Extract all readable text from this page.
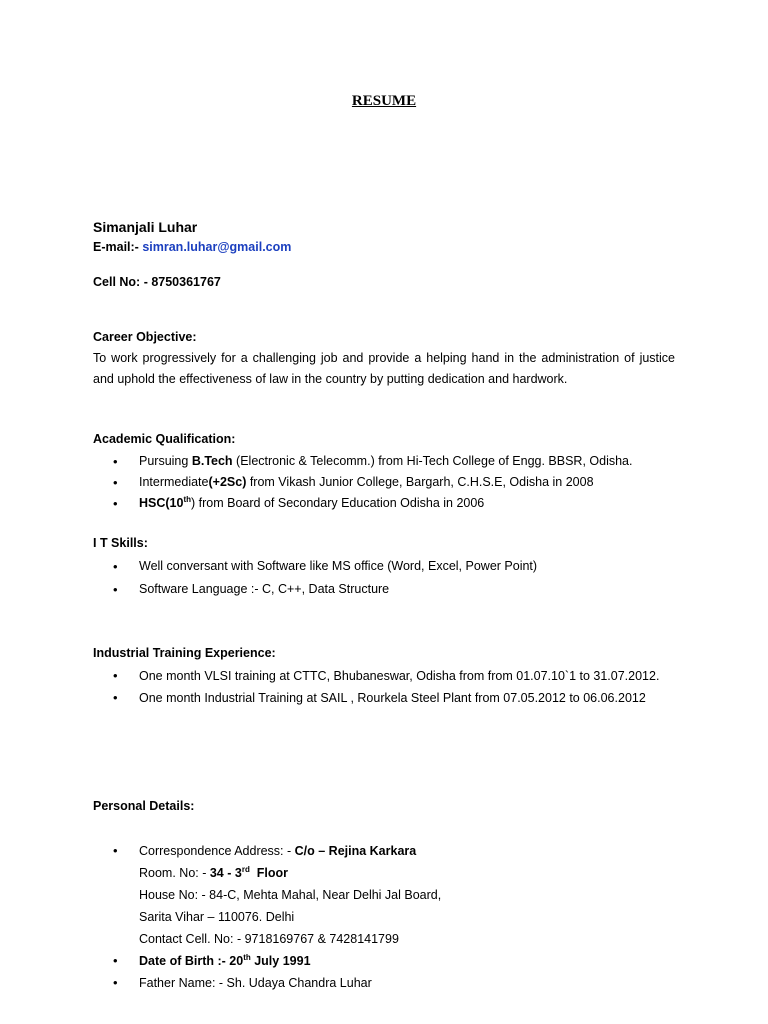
RESUME
Simanjali Luhar
E-mail:- simran.luhar@gmail.com
Cell No: - 8750361767
Career Objective:
To work progressively for a challenging job and provide a helping hand in the administration of justice and uphold the effectiveness of law in the country by putting dedication and hardwork.
Academic Qualification:
• Pursuing B.Tech (Electronic & Telecomm.) from Hi-Tech College of Engg. BBSR, Odisha.
• Intermediate(+2Sc) from Vikash Junior College, Bargarh, C.H.S.E, Odisha in 2008
• HSC(10th) from Board of Secondary Education Odisha in 2006
I T Skills:
• Well conversant with Software like MS office (Word, Excel, Power Point)
• Software Language :- C, C++, Data Structure
Industrial Training Experience:
• One month VLSI training at CTTC, Bhubaneswar, Odisha from from 01.07.10`1 to 31.07.2012.
• One month Industrial Training at SAIL , Rourkela Steel Plant from 07.05.2012 to 06.06.2012
Personal Details:
• Correspondence Address: - C/o – Rejina Karkara
Room. No: - 34 - 3rd  Floor
House No: - 84-C, Mehta Mahal, Near Delhi Jal Board,
Sarita Vihar – 110076. Delhi
Contact Cell. No: - 9718169767 & 7428141799
• Date of Birth :- 20th July 1991
• Father Name: - Sh. Udaya Chandra Luhar
